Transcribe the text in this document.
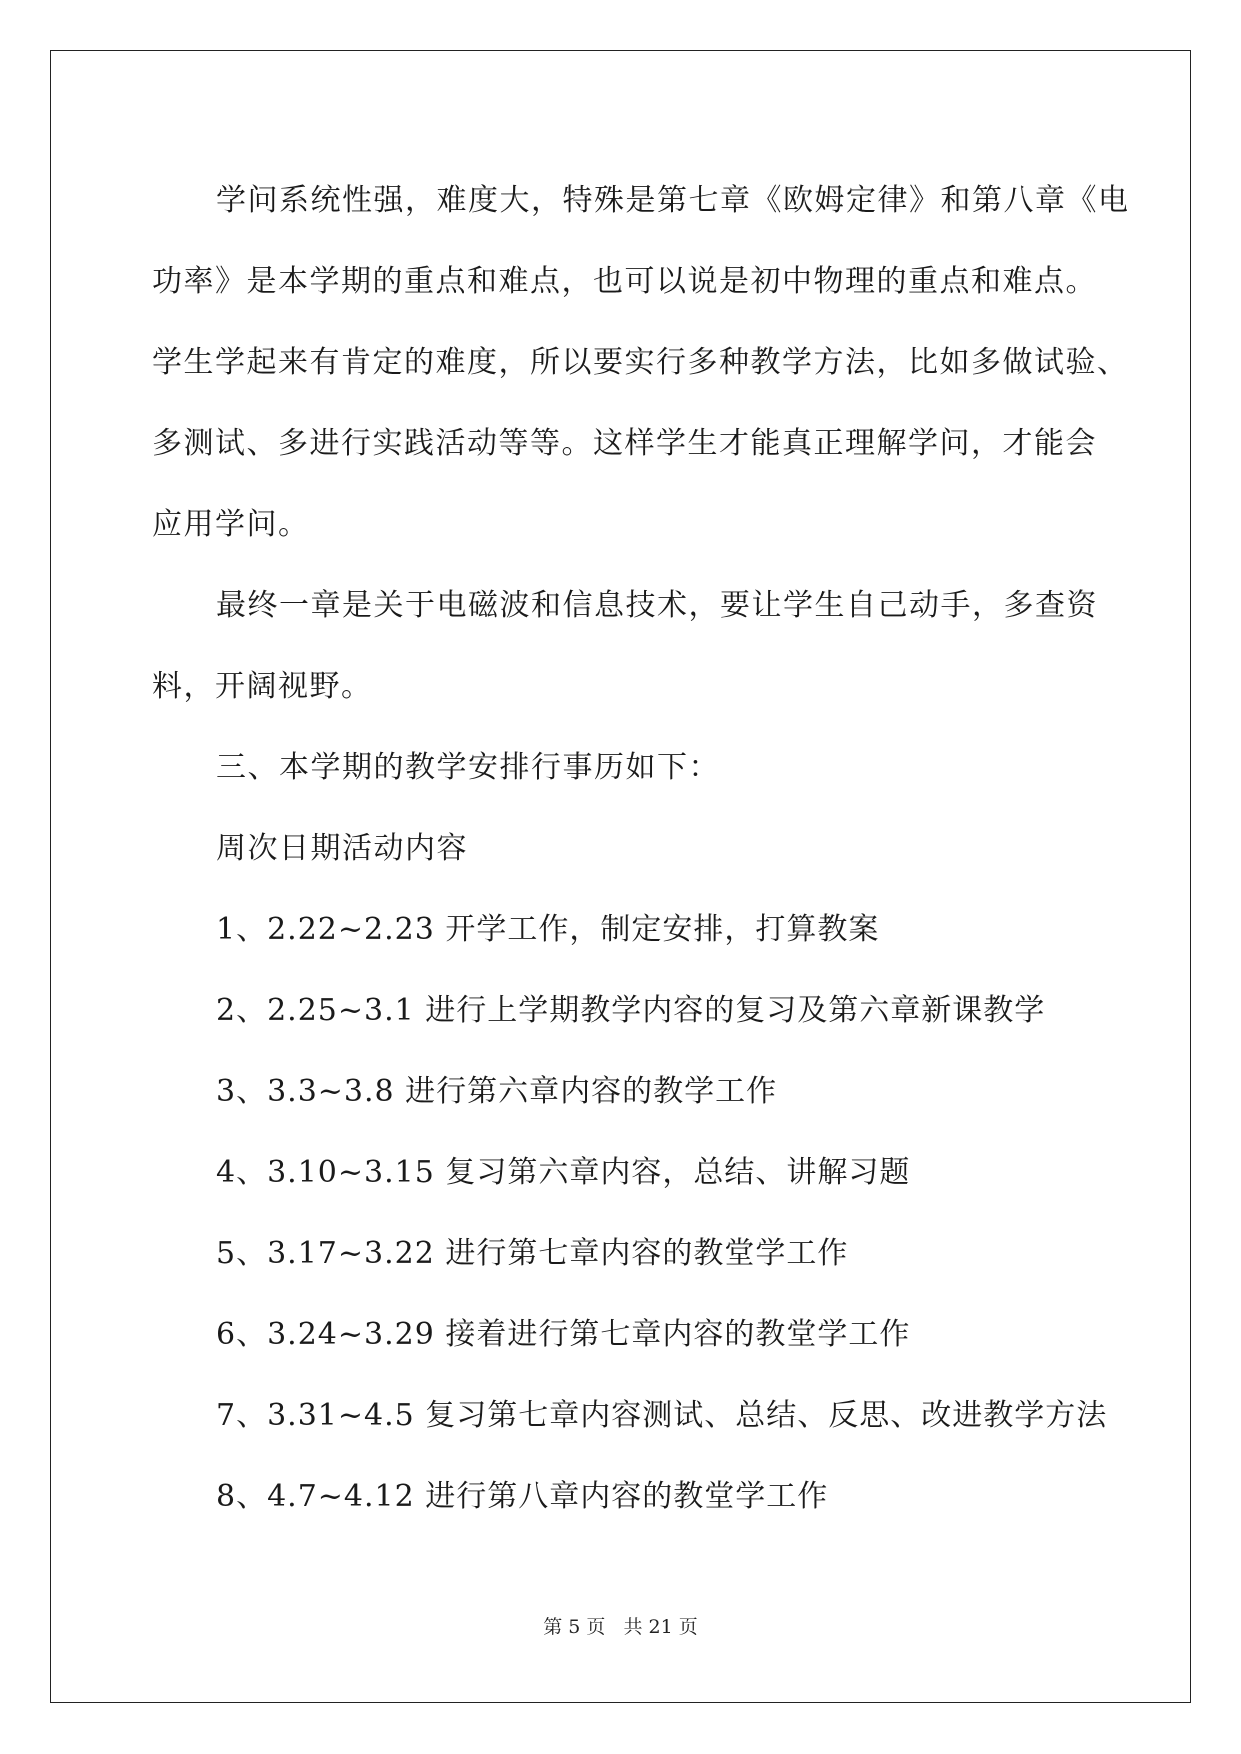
学问系统性强，难度大，特殊是第七章《欧姆定律》和第八章《电
功率》是本学期的重点和难点，也可以说是初中物理的重点和难点。
学生学起来有肯定的难度，所以要实行多种教学方法，比如多做试验、
多测试、多进行实践活动等等。这样学生才能真正理解学问，才能会
应用学问。
最终一章是关于电磁波和信息技术，要让学生自己动手，多查资
料，开阔视野。
三、本学期的教学安排行事历如下：
周次日期活动内容
1、2.22~2.23 开学工作，制定安排，打算教案
2、2.25~3.1 进行上学期教学内容的复习及第六章新课教学
3、3.3~3.8 进行第六章内容的教学工作
4、3.10~3.15 复习第六章内容，总结、讲解习题
5、3.17~3.22 进行第七章内容的教堂学工作
6、3.24~3.29 接着进行第七章内容的教堂学工作
7、3.31~4.5 复习第七章内容测试、总结、反思、改进教学方法
8、4.7~4.12 进行第八章内容的教堂学工作
第 5 页 共 21 页
